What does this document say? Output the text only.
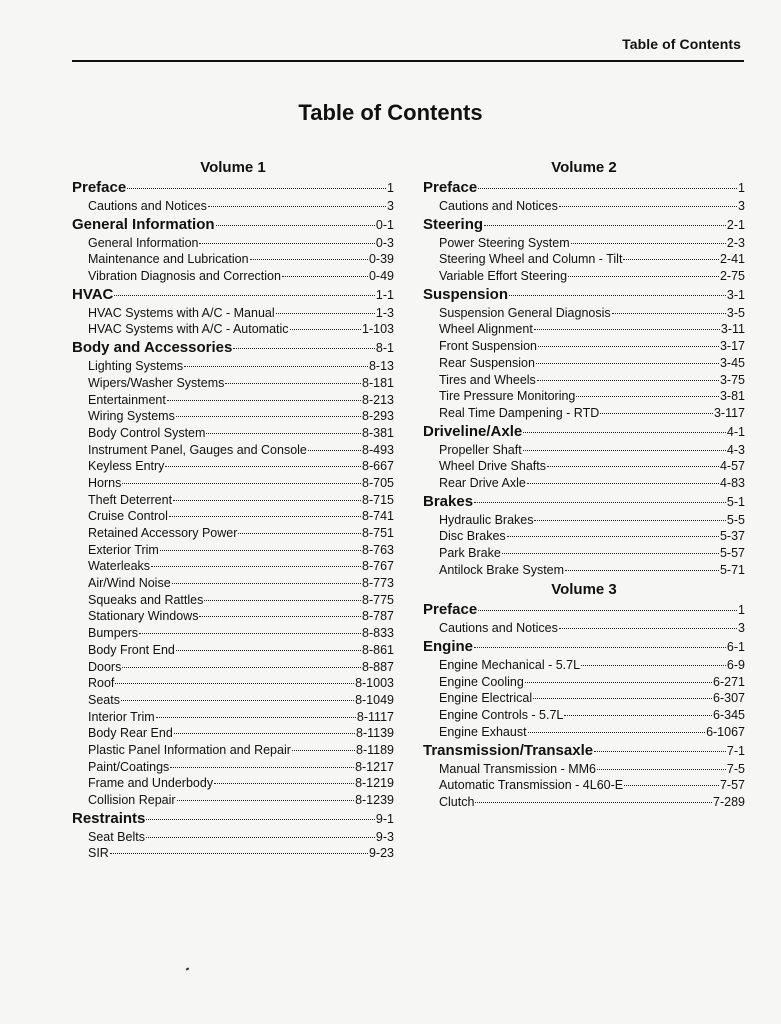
Table of Contents
Table of Contents
Volume 1
Preface	1
Cautions and Notices	3
General Information	0-1
General Information	0-3
Maintenance and Lubrication	0-39
Vibration Diagnosis and Correction	0-49
HVAC	1-1
HVAC Systems with A/C - Manual	1-3
HVAC Systems with A/C - Automatic	1-103
Body and Accessories	8-1
Lighting Systems	8-13
Wipers/Washer Systems	8-181
Entertainment	8-213
Wiring Systems	8-293
Body Control System	8-381
Instrument Panel, Gauges and Console	8-493
Keyless Entry	8-667
Horns	8-705
Theft Deterrent	8-715
Cruise Control	8-741
Retained Accessory Power	8-751
Exterior Trim	8-763
Waterleaks	8-767
Air/Wind Noise	8-773
Squeaks and Rattles	8-775
Stationary Windows	8-787
Bumpers	8-833
Body Front End	8-861
Doors	8-887
Roof	8-1003
Seats	8-1049
Interior Trim	8-1117
Body Rear End	8-1139
Plastic Panel Information and Repair	8-1189
Paint/Coatings	8-1217
Frame and Underbody	8-1219
Collision Repair	8-1239
Restraints	9-1
Seat Belts	9-3
SIR	9-23
Volume 2
Preface	1
Cautions and Notices	3
Steering	2-1
Power Steering System	2-3
Steering Wheel and Column - Tilt	2-41
Variable Effort Steering	2-75
Suspension	3-1
Suspension General Diagnosis	3-5
Wheel Alignment	3-11
Front Suspension	3-17
Rear Suspension	3-45
Tires and Wheels	3-75
Tire Pressure Monitoring	3-81
Real Time Dampening - RTD	3-117
Driveline/Axle	4-1
Propeller Shaft	4-3
Wheel Drive Shafts	4-57
Rear Drive Axle	4-83
Brakes	5-1
Hydraulic Brakes	5-5
Disc Brakes	5-37
Park Brake	5-57
Antilock Brake System	5-71
Volume 3
Preface	1
Cautions and Notices	3
Engine	6-1
Engine Mechanical - 5.7L	6-9
Engine Cooling	6-271
Engine Electrical	6-307
Engine Controls - 5.7L	6-345
Engine Exhaust	6-1067
Transmission/Transaxle	7-1
Manual Transmission - MM6	7-5
Automatic Transmission - 4L60-E	7-57
Clutch	7-289
